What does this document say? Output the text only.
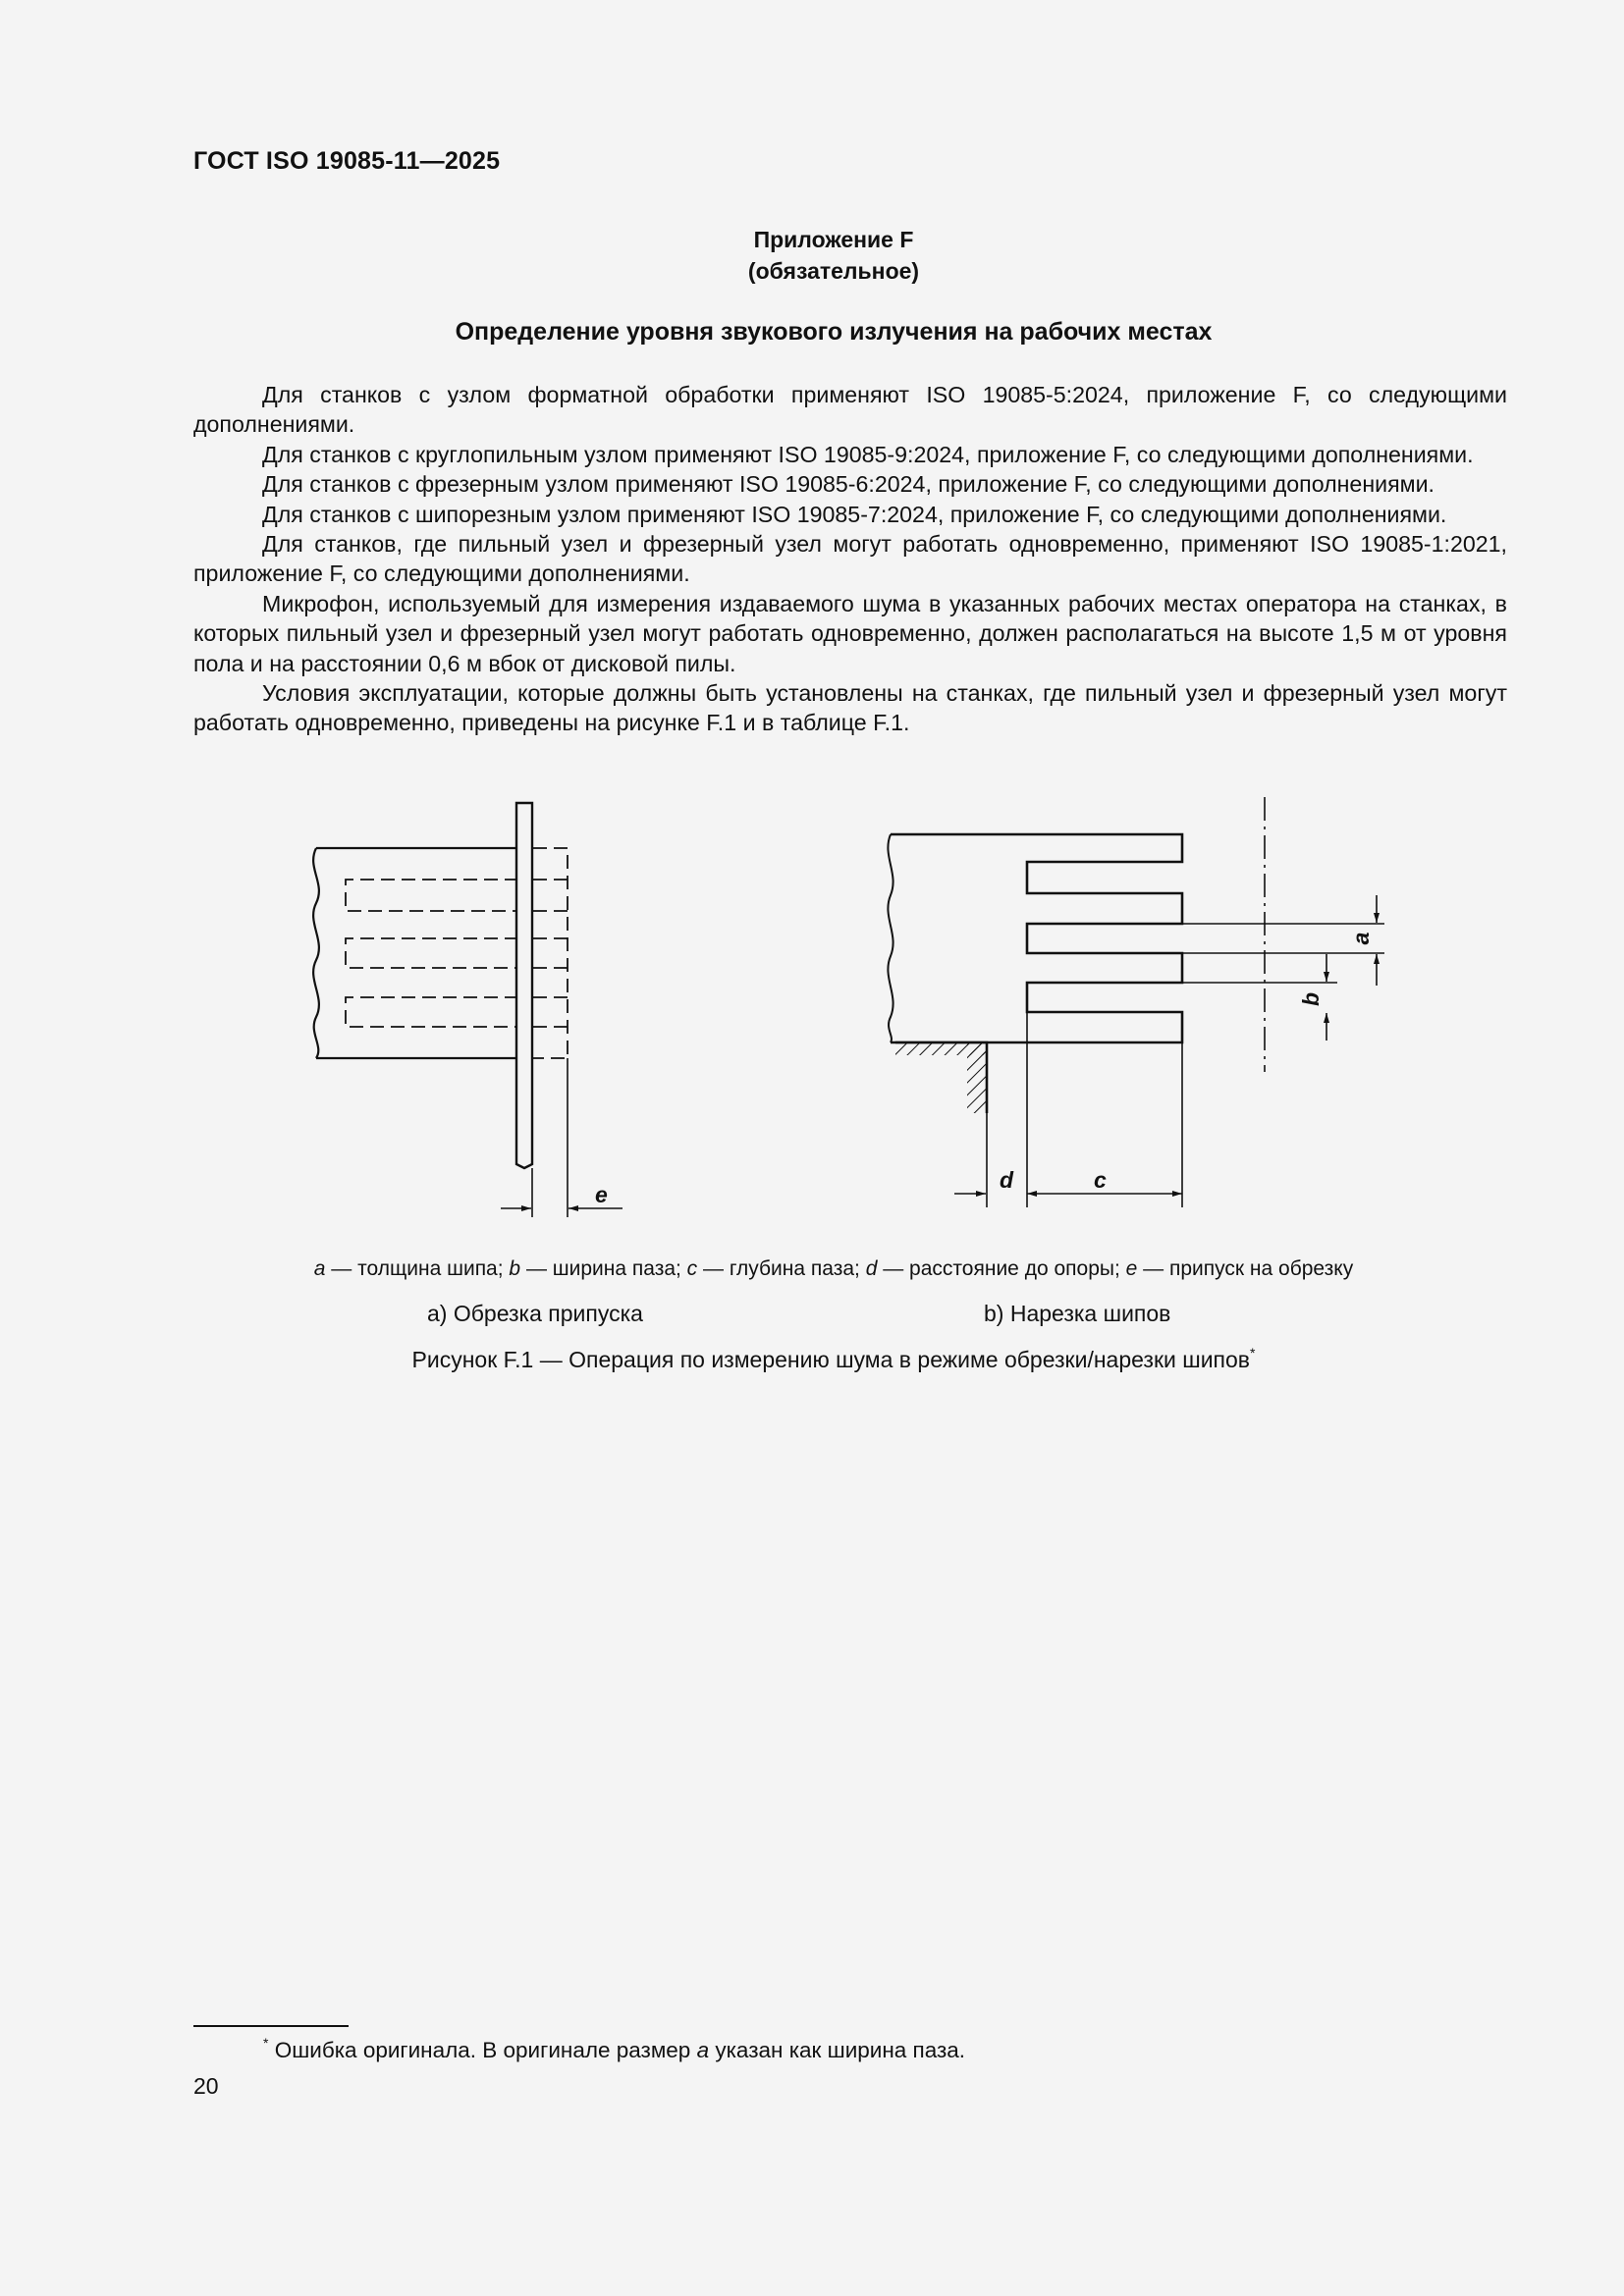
ГОСТ ISO 19085-11—2025
Приложение F
(обязательное)
Определение уровня звукового излучения на рабочих местах

Для станков с узлом форматной обработки применяют ISO 19085-5:2024, приложение F, со следующими дополнениями.

Для станков с круглопильным узлом применяют ISO 19085-9:2024, приложение F, со следующими дополнениями.

Для станков с фрезерным узлом применяют ISO 19085-6:2024, приложение F, со следующими дополнениями.

Для станков с шипорезным узлом применяют ISO 19085-7:2024, приложение F, со следующими дополнениями.

Для станков, где пильный узел и фрезерный узел могут работать одновременно, применяют ISO 19085-1:2021, приложение F, со следующими дополнениями.

Микрофон, используемый для измерения издаваемого шума в указанных рабочих местах оператора на станках, в которых пильный узел и фрезерный узел могут работать одновременно, должен располагаться на высоте 1,5 м от уровня пола и на расстоянии 0,6 м вбок от дисковой пилы.

Условия эксплуатации, которые должны быть установлены на станках, где пильный узел и фрезерный узел могут работать одновременно, приведены на рисунке F.1 и в таблице F.1.

e
a
b
d	c
a — толщина шипа; b — ширина паза; c — глубина паза; d — расстояние до опоры; e — припуск на обрезку
a) Обрезка припуска	b) Нарезка шипов
Рисунок F.1 — Операция по измерению шума в режиме обрезки/нарезки шипов*
* Ошибка оригинала. В оригинале размер a указан как ширина паза.
20
